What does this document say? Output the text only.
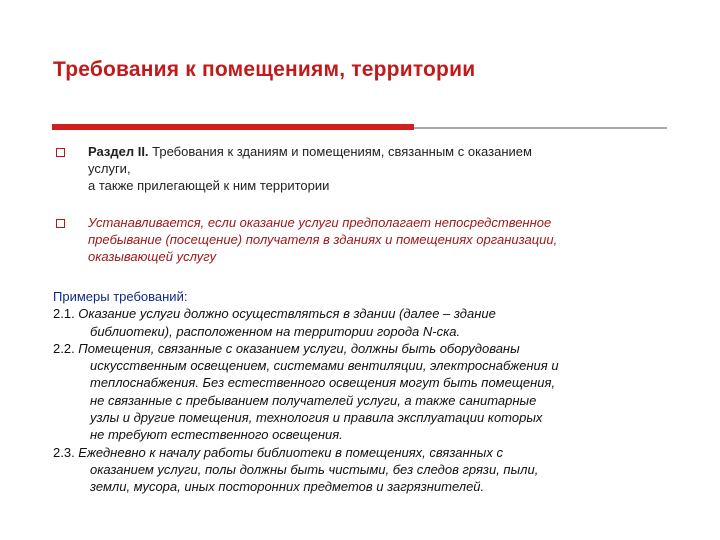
Требования к помещениям, территории
Раздел II. Требования к зданиям и помещениям, связанным с оказанием
услуги,
а также прилегающей к ним территории
Устанавливается, если оказание услуги предполагает непосредственное
пребывание (посещение) получателя в зданиях и помещениях организации,
оказывающей услугу
Примеры требований:
2.1. Оказание услуги должно осуществляться в здании (далее – здание
библиотеки), расположенном на территории города N-ска.
2.2. Помещения, связанные с оказанием услуги, должны быть оборудованы
искусственным освещением, системами вентиляции, электроснабжения и
теплоснабжения. Без естественного освещения могут быть помещения,
не связанные с пребыванием получателей услуги, а также санитарные
узлы и другие помещения, технология и правила эксплуатации которых
не требуют естественного освещения.
2.3. Ежедневно к началу работы библиотеки в помещениях, связанных с
оказанием услуги, полы должны быть чистыми, без следов грязи, пыли,
земли, мусора, иных посторонних предметов и загрязнителей.
